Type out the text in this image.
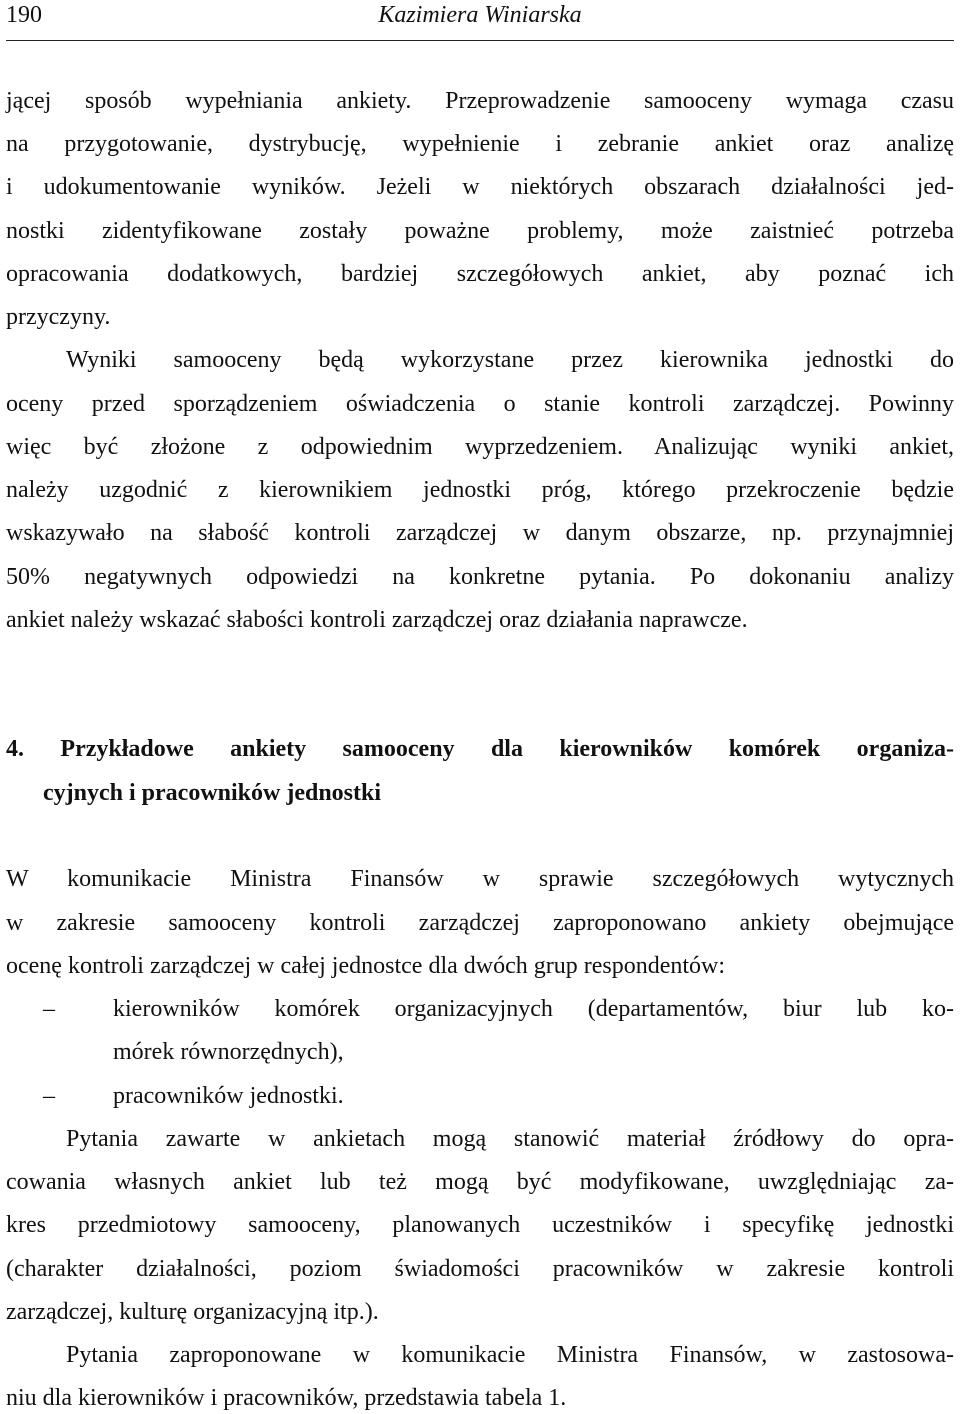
190	Kazimiera Winiarska
jącej sposób wypełniania ankiety. Przeprowadzenie samooceny wymaga czasu
na przygotowanie, dystrybucję, wypełnienie i zebranie ankiet oraz analizę
i udokumentowanie wyników. Jeżeli w niektórych obszarach działalności jed-
nostki zidentyfikowane zostały poważne problemy, może zaistnieć potrzeba
opracowania dodatkowych, bardziej szczegółowych ankiet, aby poznać ich
przyczyny.
Wyniki samooceny będą wykorzystane przez kierownika jednostki do
oceny przed sporządzeniem oświadczenia o stanie kontroli zarządczej. Powinny
więc być złożone z odpowiednim wyprzedzeniem. Analizując wyniki ankiet,
należy uzgodnić z kierownikiem jednostki próg, którego przekroczenie będzie
wskazywało na słabość kontroli zarządczej w danym obszarze, np. przynajmniej
50% negatywnych odpowiedzi na konkretne pytania. Po dokonaniu analizy
ankiet należy wskazać słabości kontroli zarządczej oraz działania naprawcze.
4. Przykładowe ankiety samooceny dla kierowników komórek organiza-
cyjnych i pracowników jednostki
W komunikacie Ministra Finansów w sprawie szczegółowych wytycznych
w zakresie samooceny kontroli zarządczej zaproponowano ankiety obejmujące
ocenę kontroli zarządczej w całej jednostce dla dwóch grup respondentów:
– kierowników komórek organizacyjnych (departamentów, biur lub ko-
mórek równorzędnych),
– pracowników jednostki.
Pytania zawarte w ankietach mogą stanowić materiał źródłowy do opra-
cowania własnych ankiet lub też mogą być modyfikowane, uwzględniając za-
kres przedmiotowy samooceny, planowanych uczestników i specyfikę jednostki
(charakter działalności, poziom świadomości pracowników w zakresie kontroli
zarządczej, kulturę organizacyjną itp.).
Pytania zaproponowane w komunikacie Ministra Finansów, w zastosowa-
niu dla kierowników i pracowników, przedstawia tabela 1.
